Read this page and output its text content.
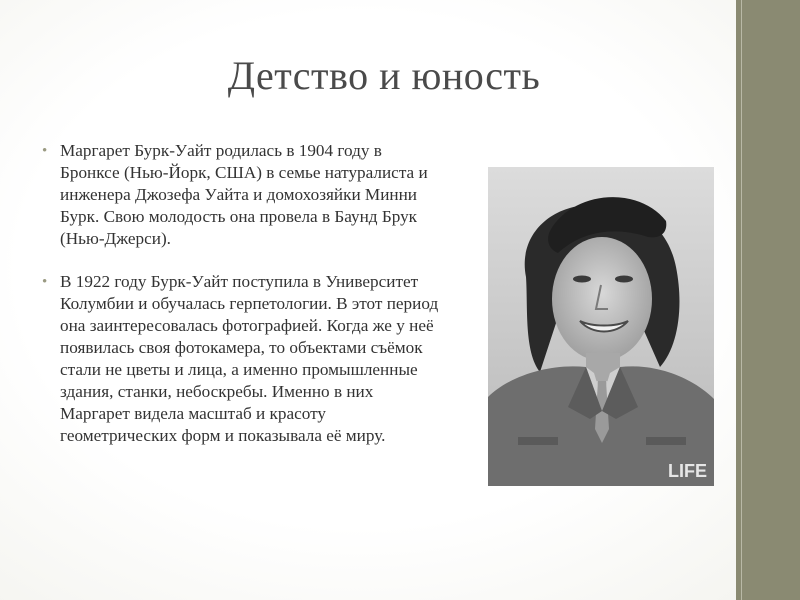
Детство и юность
• Маргарет Бурк-Уайт родилась в 1904 году в Бронксе (Нью-Йорк, США) в семье натуралиста и инженера Джозефа Уайта и домохозяйки Минни Бурк. Свою молодость она провела в Баунд Брук (Нью-Джерси).
• В 1922 году Бурк-Уайт поступила в Университет Колумбии и обучалась герпетологии. В этот период она заинтересовалась фотографией. Когда же у неё появилась своя фотокамера, то объектами съёмок стали не цветы и лица, а именно промышленные здания, станки, небоскребы. Именно в них Маргарет видела масштаб и красоту геометрических форм и показывала её миру.
LIFE
